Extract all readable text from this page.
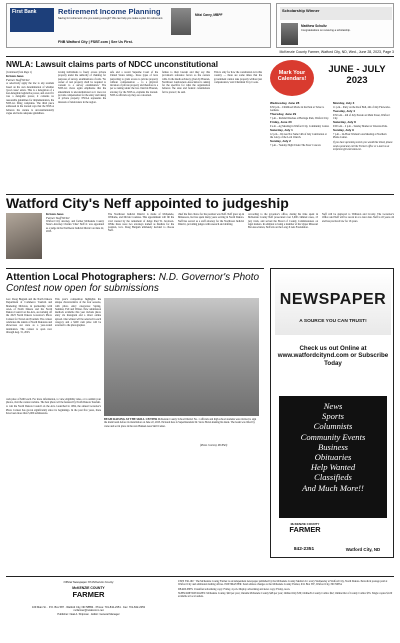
First Bank	Retirement Income Planning
Saving for retirement: Are you saving enough? We can help you make a plan for retirement.
Mitzi Carey, MBPF
FNB Watford City | FSBT.com | See Us First.
Scholarship Winner
Matthew Schultz
Congratulations on receiving a scholarship.
McKenzie County Farmer, Watford City, ND, Wed., June 28, 2023, Page 3
NWLA: Lawsuit claims parts of NDCC unconstitutional

(Continued from Page 1)

Kristen Jones
Farmer Staff Writer

or selectively apply the law to any resident based on his own determination of whether 'good cause' exists. This is a delegation of a non-delegable legislative power, and even if it was a delegable power, it contains no reasonable guidelines for implementation, the NWLA's filing complains. The third piece addressed in the lawsuit says that the NWLA believes the statute is unconstitutionally vague and lacks adequate guidelines.

lowing individuals to freely access private property under the authority of chaining for purposes of survey, examinations of soils. 'No owner of real property shall be required to consent to a survey examination.' The NWLA's views again emphasize that the amendment is unconstitutional as it does not provide compensation for the entry and taking of private property. NWLA represents the interests of landowners in the region.

safe and a recent Supreme Court of the United States ruling... those types of laws purporting to grant access to private property without compensation ... to a physical invasion of private property and therefore is a per se taking under the law. Derrick Braaten, attorney for the NWLA, explains the lawsuit. NWLA officials say they are concerned.

failure to their lawsuit and they say this provision's reference favors so the owners wills. In the media advisory given by Braaten, Northwest Landowners Association is asking for the specifics for what the organization believes 'the state and federal constitutions fail to protect,' he said.

This is only for how the constitution is in this country — there are some times that the government cannot take property without just compensation,' said Chairman Troy Coons.

Mark Your Calendars!
JUNE - JULY 2023
Wednesday, June 28

6:30 p.m. - Childhood Movie in the Park at Tobacco Gardens.

Thursday, June 29

7 p.m. - Kickball Ruckus at Heritage Park, Watford City.

Friday, June 30

9 a.m. - Ag Meeting in Watford City, Community Center.

Saturday, July 1

12 p.m. - We Are Not Same! 4th of July Celebration at the Glory of the Lord Church.

Sunday, July 2

7 p.m. - 'Sunday Night Under The Stars' Concert.

Monday, July 3

11 p.m. - Party on the Roof Ball, 4th of July Fireworks.

Tuesday, July 4

9:30 a.m. - 4th of July Parade on Main Street, Watford City.

Saturday, July 8

9:00 a.m. - 2 p.m. - Sunday Market at Veterans Park.

Sunday, July 9

7 p.m. - 24-Hour Women's AA Meeting at Northern Plains Center.

If you have upcoming events you would like listed, please send a postcard, call the Farmer office or e-mail us at mcfarmer@ruralcomm.net.

Watford City's Neff appointed to judgeship
Kristen Jones
Farmer Staff Writer

Watford City attorney, and former McKenzie County State's Attorney Charles 'Chaz' Neff Jr. was appointed as a judge in the Northwest Judicial District on June 22, 2023.

The Northwest Judicial District is made of McKenzie, Williams, and Divide Counties. This appointment will fill the void created by the retirement of Judge Paul W. Jacobson. While there were two attorneys named as finalists for the position, Gov. Doug Burgum ultimately decided to choose Neff.

chief the first choice for the position was Neff. Neff grew up in Minnesota, but has spent many years serving in North Dakota. Neff has served as a staff attorney for the Northwest Judicial District, providing judges with research and drafting.

According to the governor's office, during his time spent in McKenzie County Neff prosecuted over 5,000 criminal cases, 15 jury trials, and served the Board of County Commissioners on legal matters. In addition to being a member of the Upper Missouri Bar Association, Neff sits on the Long X Arts Foundation.

Neff will be deployed to Williston and Crosby. The Governor's Office said Neff will be sworn in at a later date. Neff is 43 years old and has practiced law for 16 years.

Attention Local Photographers: N.D. Governor's Photo Contest now open for submissions

Gov. Doug Burgum and the North Dakota Department of Commerce Tourism and Marketing Division, in partnership with AAA of North Dakota and the North Dakota Council on the Arts, are kicking off the 2023 North Dakota Governor's Photo Contest for Travel and Tourism. The contest celebrates the talents of North Dakotans and showcases our state as a year-round destination. The contest is open now through Aug. 31, 2023.

This year's competition highlights the unique characteristics of the four seasons, with photo entry categories: Spring, Summer, Fall and Winter. New submission methods available this year include photo entry via Instagram and a direct online upload. One winner will be selected in each category and a $200 cash prize will be awarded to the photographer.

BEAM RAISING AT THE SKILL CENTER McKenzie County School District No. 1 officials and high school students were invited to sign the main beam before its installation on June 22, 2023. Pictured here is Superintendent Dr. Steve Holen making his mark. The beam was lifted by crane and set in place in the new Bakken Area Skill Center.
(Photo Courtesy MCPSD)

cash prize of $200 each. For more information, to view eligibility rules, or to submit your photos, visit the contest website. The best photo will be featured by North Dakota Tourism.

to win the North Dakota Council on the Arts. Launched in 1984, the annual Governor's Photo Contest has grown significantly since its beginnings. In the past five years, there have been more than 5,000 submissions.

NEWSPAPER
A SOURCE YOU CAN TRUST!
Check us out Online at www.watfordcitynd.com or Subscribe Today
News
Sports
Columnists
Community Events
Business
Obituaries
Help Wanted
Classifieds
And Much More!!
McKENZIE COUNTY
FARMER
842-2351	Watford City, ND
Official Newspaper Of McKenzie County
McKENZIE COUNTY
FARMER

109 Main St. · P.O. Box 587 · Watford City, ND 58854 · Phone: 701-842-2351 · Fax: 701-842-2353

mcfarmer@ruralcomm.net

Publisher: Neal A. Shipman · Editor: General Manager

USPS 336-160 · The McKenzie County Farmer is an independent newspaper published by the McKenzie County Media LLC every Wednesday at Watford City, North Dakota. Periodical postage paid at Watford City and additional mailing offices. POSTMASTER: Send address changes to the McKenzie County Farmer, P.O. Box 587, Watford City, ND 58854.

DEADLINES: Classified advertising copy: Friday, 4 p.m. Display advertising and news copy: Friday, noon.

SUBSCRIPTION RATES: McKenzie County, $40 per year; Outside McKenzie County $48 per year; Online Only $30; Online/In County Combo $42; Online/Out of County Combo $55. Single copies $1.00 available at local outlets.
